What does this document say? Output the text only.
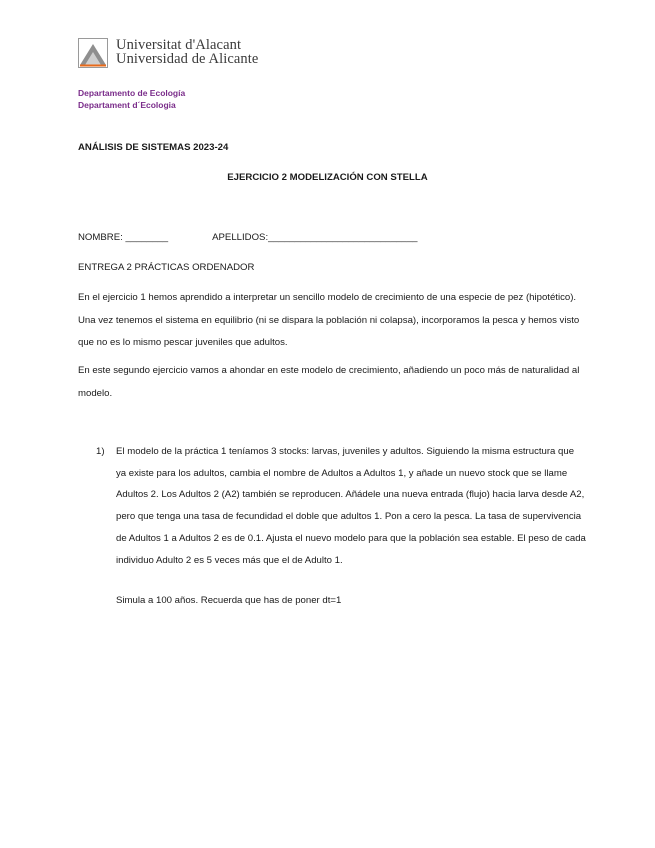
Universitat d'Alacant
Universidad de Alicante
Departamento de Ecología
Departament d´Ecologia
ANÁLISIS DE SISTEMAS 2023-24
EJERCICIO 2 MODELIZACIÓN CON STELLA
NOMBRE: ________	APELLIDOS:____________________________
ENTREGA 2 PRÁCTICAS ORDENADOR
En el ejercicio 1 hemos aprendido a interpretar un sencillo modelo de crecimiento de una especie de pez (hipotético). Una vez tenemos el sistema en equilibrio (ni se dispara la población ni colapsa), incorporamos la pesca y hemos visto que no es lo mismo pescar juveniles que adultos.
En este segundo ejercicio vamos a ahondar en este modelo de crecimiento, añadiendo un poco más de naturalidad al modelo.
1)	El modelo de la práctica 1 teníamos 3 stocks: larvas, juveniles y adultos. Siguiendo la misma estructura que ya existe para los adultos, cambia el nombre de Adultos a Adultos 1, y añade un nuevo stock que se llame Adultos 2. Los Adultos 2 (A2) también se reproducen. Añádele una nueva entrada (flujo) hacia larva desde A2, pero que tenga una tasa de fecundidad el doble que adultos 1. Pon a cero la pesca. La tasa de supervivencia de Adultos 1 a Adultos 2 es de 0.1. Ajusta el nuevo modelo para que la población sea estable. El peso de cada individuo Adulto 2 es 5 veces más que el de Adulto 1.
Simula a 100 años. Recuerda que has de poner dt=1
